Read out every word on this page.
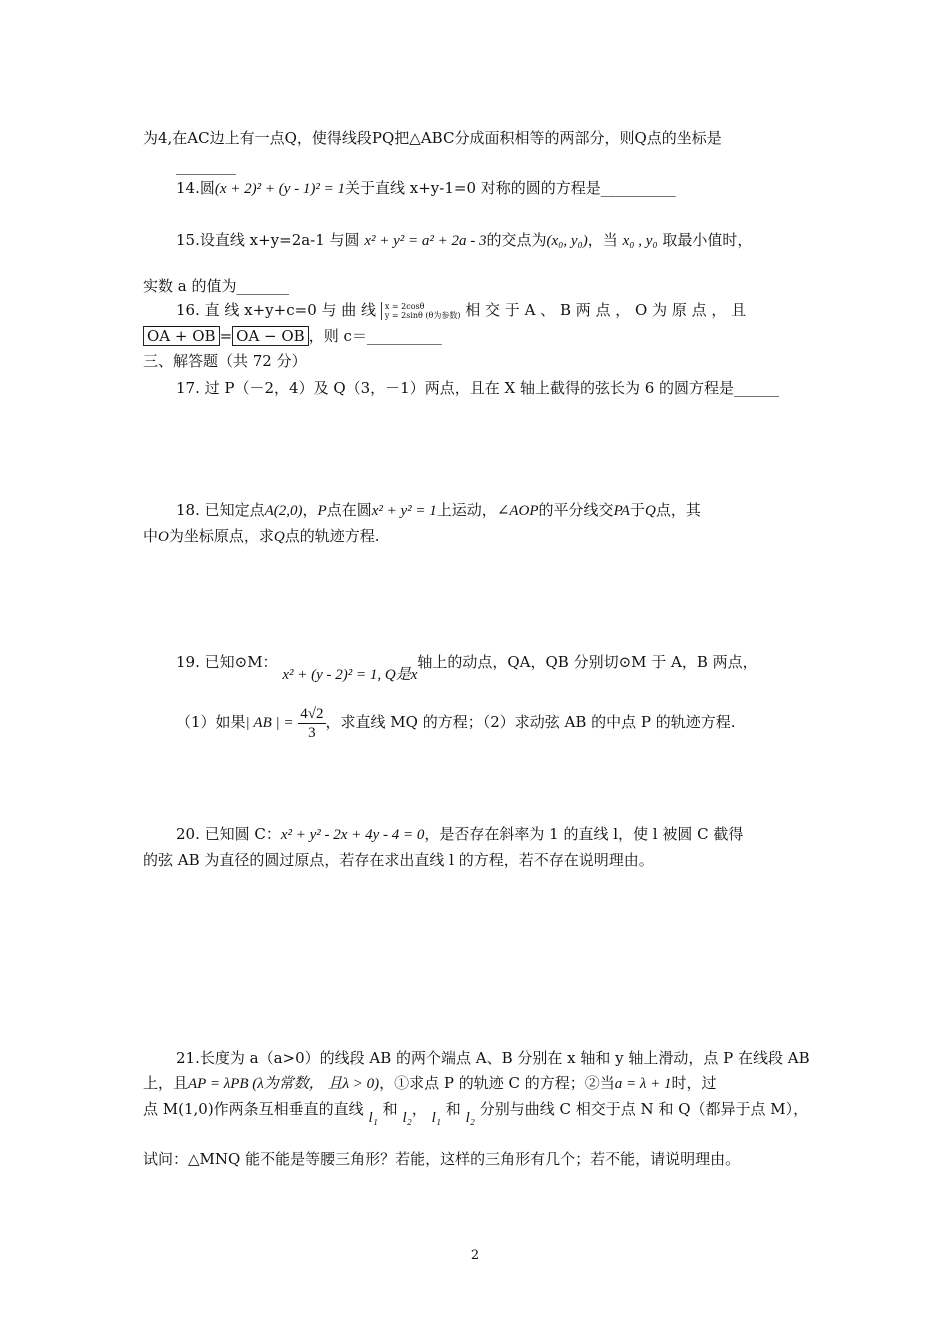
为4,在AC边上有一点Q，使得线段PQ把△ABC分成面积相等的两部分，则Q点的坐标是
________
14.圆(x + 2)² + (y - 1)² = 1关于直线 x+y-1=0 对称的圆的方程是__________
15.设直线 x+y=2a-1 与圆 x² + y² = a² + 2a - 3的交点为(x₀, y₀)，当 x₀ , y₀ 取最小值时，
实数 a 的值为_______
16. 直 线 x+y+c=0 与 曲 线 x = 2cosθ
y = 2sinθ (θ为参数) 相 交 于 A 、 B 两 点 ， O 为 原 点 ， 且
OA + OB = OA − OB ，则 c＝__________
三、解答题（共 72 分）
17. 过 P（－2，4）及 Q（3，－1）两点，且在 X 轴上截得的弦长为 6 的圆方程是______
18. 已知定点A(2,0)，P点在圆x² + y² = 1上运动，∠AOP的平分线交PA于Q点，其
中O为坐标原点，求Q点的轨迹方程.
19. 已知⊙M： x² + (y - 2)² = 1, Q是x轴上的动点，QA，QB 分别切⊙M 于 A，B 两点，
（1）如果| AB | = $\frac{4√2}{3}$ ，求直线 MQ 的方程；（2）求动弦 AB 的中点 P 的轨迹方程.
20. 已知圆 C：x² + y² - 2x + 4y - 4 = 0，是否存在斜率为 1 的直线 l，使 l 被圆 C 截得
的弦 AB 为直径的圆过原点，若存在求出直线 l 的方程，若不存在说明理由。
21.长度为 a（a>0）的线段 AB 的两个端点 A、B 分别在 x 轴和 y 轴上滑动，点 P 在线段 AB
上，且AP = λPB (λ为常数， 且λ > 0)，①求点 P 的轨迹 C 的方程；②当a = λ + 1时，过
点 M(1,0)作两条互相垂直的直线 l₁ 和 l₂， l₁ 和 l₂ 分别与曲线 C 相交于点 N 和 Q（都异于点 M），
试问：△MNQ 能不能是等腰三角形？若能，这样的三角形有几个；若不能，请说明理由。
2
